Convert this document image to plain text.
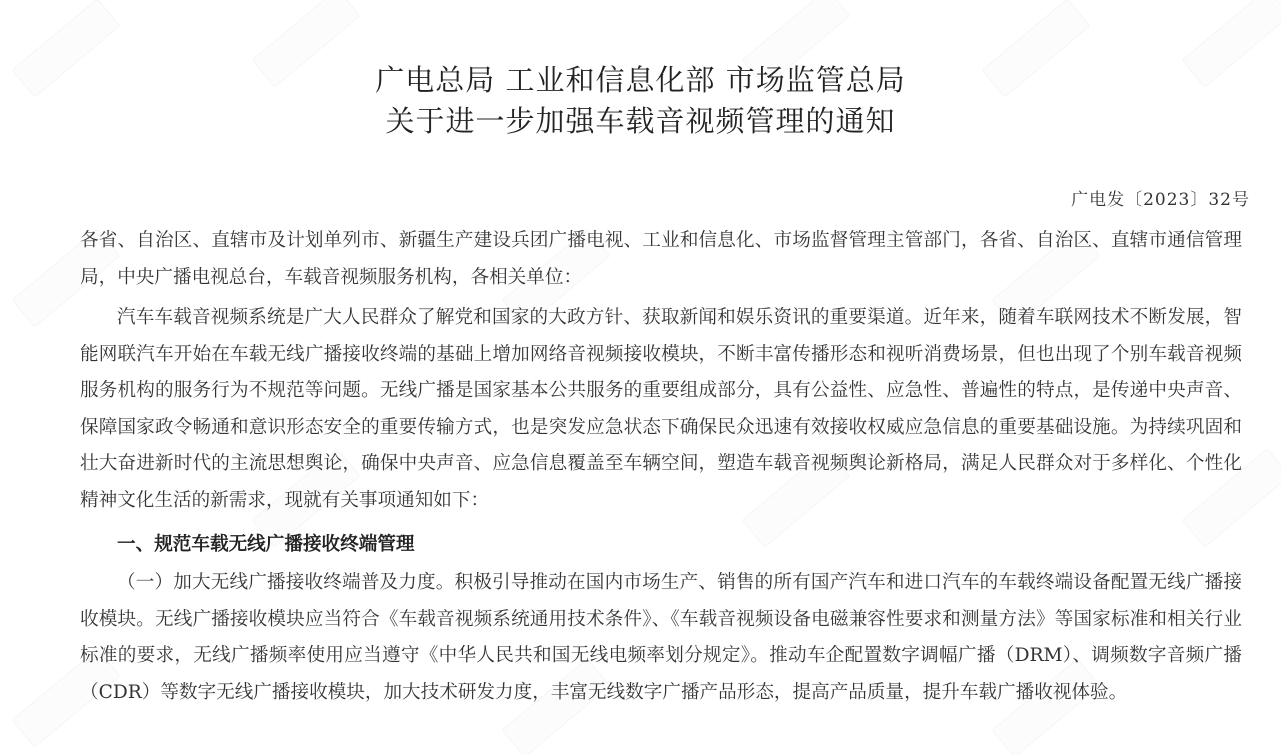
广电总局 工业和信息化部 市场监管总局
关于进一步加强车载音视频管理的通知
广电发〔2023〕32号
各省、自治区、直辖市及计划单列市、新疆生产建设兵团广播电视、工业和信息化、市场监督管理主管部门，各省、自治区、直辖市通信管理局，中央广播电视总台，车载音视频服务机构，各相关单位：
汽车车载音视频系统是广大人民群众了解党和国家的大政方针、获取新闻和娱乐资讯的重要渠道。近年来，随着车联网技术不断发展，智能网联汽车开始在车载无线广播接收终端的基础上增加网络音视频接收模块，不断丰富传播形态和视听消费场景，但也出现了个别车载音视频服务机构的服务行为不规范等问题。无线广播是国家基本公共服务的重要组成部分，具有公益性、应急性、普遍性的特点，是传递中央声音、保障国家政令畅通和意识形态安全的重要传输方式，也是突发应急状态下确保民众迅速有效接收权威应急信息的重要基础设施。为持续巩固和壮大奋进新时代的主流思想舆论，确保中央声音、应急信息覆盖至车辆空间，塑造车载音视频舆论新格局，满足人民群众对于多样化、个性化精神文化生活的新需求，现就有关事项通知如下：
一、规范车载无线广播接收终端管理
（一）加大无线广播接收终端普及力度。积极引导推动在国内市场生产、销售的所有国产汽车和进口汽车的车载终端设备配置无线广播接收模块。无线广播接收模块应当符合《车载音视频系统通用技术条件》、《车载音视频设备电磁兼容性要求和测量方法》等国家标准和相关行业标准的要求，无线广播频率使用应当遵守《中华人民共和国无线电频率划分规定》。推动车企配置数字调幅广播（DRM）、调频数字音频广播（CDR）等数字无线广播接收模块，加大技术研发力度，丰富无线数字广播产品形态，提高产品质量，提升车载广播收视体验。
